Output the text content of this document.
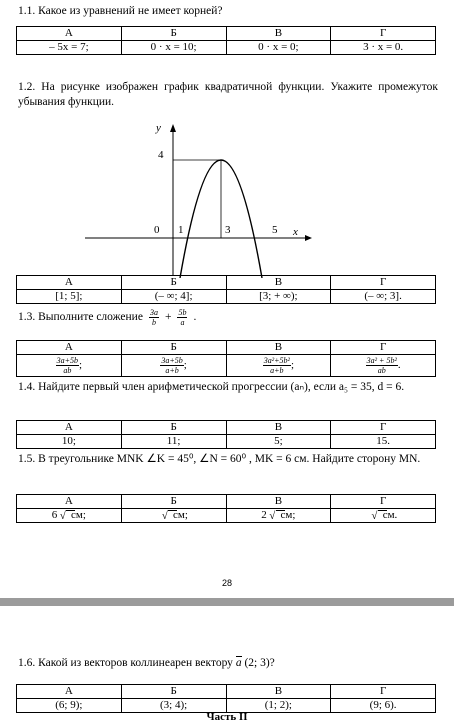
1.1. Какое из уравнений не имеет корней?
А	Б	В	Г
– 5x = 7;	0 · x = 10;	0 · x = 0;	3 · x = 0.
1.2. На рисунке изображен график квадратичной функции. Укажите промежуток убывания функции.
y
x
0 1	3	5
4
А	Б	В	Г
[1; 5];	(– ∞; 4];	[3; + ∞);	(– ∞; 3].
1.3. Выполните сложение $\frac{3a}{b} + \frac{5b}{a}$ .
А	Б	В	Г

$\frac{3a+5b}{ab}$ ;	$\frac{3a+5b}{a+b}$ ;	$\frac{\text{3a²+5b²}}{a+b}$ ;	$\frac{\text{3a² + 5b²}}{ab}$ .
1.4. Найдите первый член арифметической прогрессии (aₙ), если a₅ = 35, d = 6.
А	Б	В	Г
10;	11;	5;	15.
1.5. В треугольнике MNK ∠K = 45⁰, ∠N = 60⁰ , MK = 6 см. Найдите сторону MN.
А	Б	В	Г
6 √ см;	√ см;	2 √ см;	√ см.
28
1.6. Какой из векторов коллинеарен вектору a (2; 3)?
А	Б	В	Г
(6; 9);	(3; 4);	(1; 2);	(9; 6).
Часть II
